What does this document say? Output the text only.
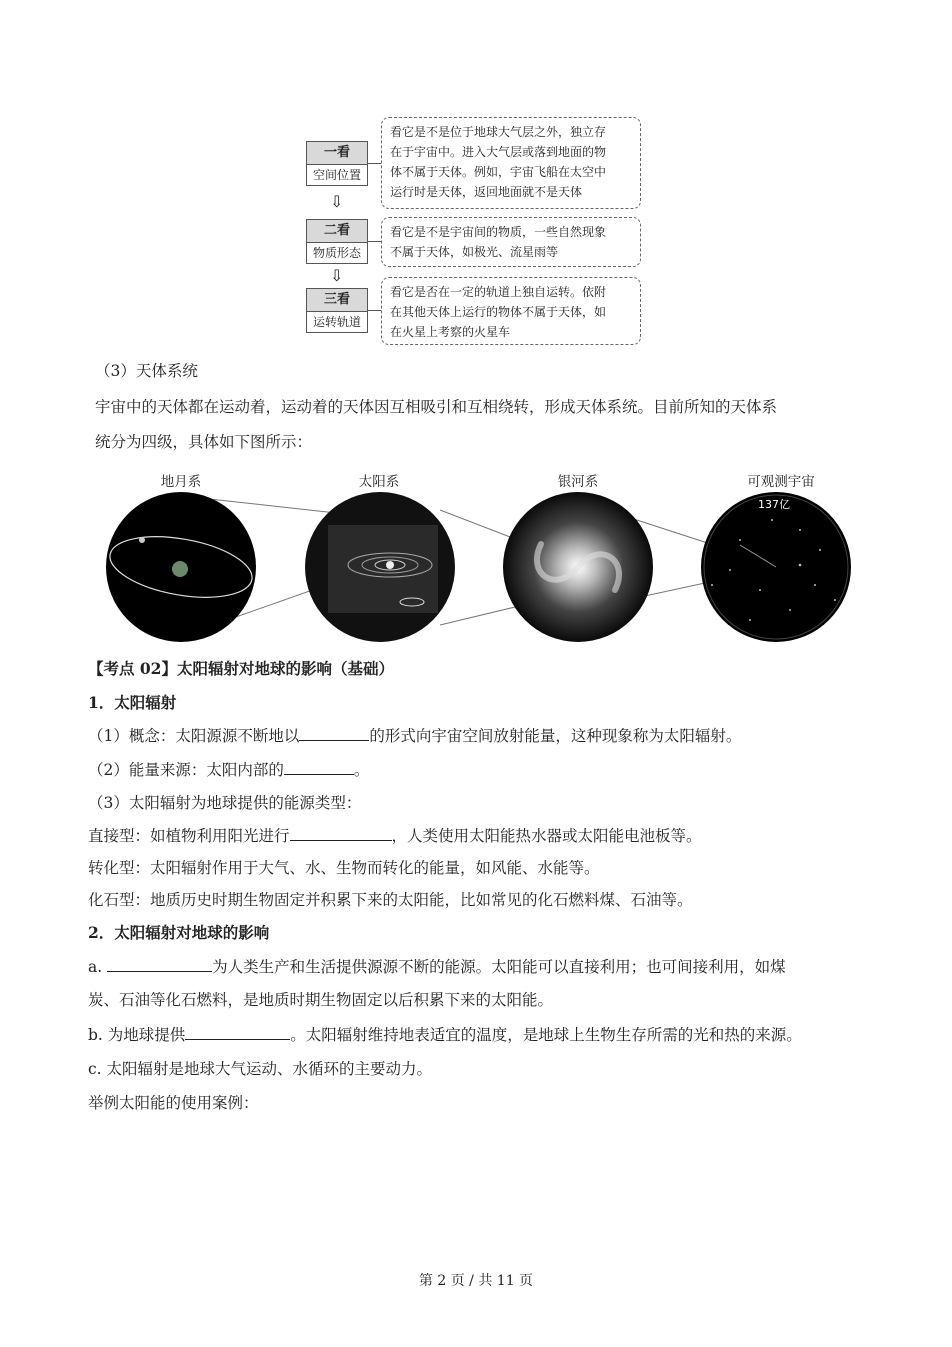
一看
空间位置
看它是不是位于地球大气层之外，独立存
在于宇宙中。进入大气层或落到地面的物
体不属于天体。例如，宇宙飞船在太空中
运行时是天体，返回地面就不是天体
⇩
二看
物质形态
看它是不是宇宙间的物质，一些自然现象
不属于天体，如极光、流星雨等
⇩
三看
运转轨道
看它是否在一定的轨道上独自运转。依附
在其他天体上运行的物体不属于天体，如
在火星上考察的火星车
（3）天体系统
宇宙中的天体都在运动着，运动着的天体因互相吸引和互相绕转，形成天体系统。目前所知的天体系
统分为四级，具体如下图所示：
地月系	太阳系	银河系	可观测宇宙
137亿
【考点 02】太阳辐射对地球的影响（基础）
1．太阳辐射
（1）概念：太阳源源不断地以	的形式向宇宙空间放射能量，这种现象称为太阳辐射。
（2）能量来源：太阳内部的	。
（3）太阳辐射为地球提供的能源类型：
直接型：如植物利用阳光进行	，人类使用太阳能热水器或太阳能电池板等。
转化型：太阳辐射作用于大气、水、生物而转化的能量，如风能、水能等。
化石型：地质历史时期生物固定并积累下来的太阳能，比如常见的化石燃料煤、石油等。
2．太阳辐射对地球的影响
a.	为人类生产和生活提供源源不断的能源。太阳能可以直接利用；也可间接利用，如煤
炭、石油等化石燃料，是地质时期生物固定以后积累下来的太阳能。
b. 为地球提供	。太阳辐射维持地表适宜的温度，是地球上生物生存所需的光和热的来源。
c. 太阳辐射是地球大气运动、水循环的主要动力。
举例太阳能的使用案例：
第 2 页 / 共 11 页
